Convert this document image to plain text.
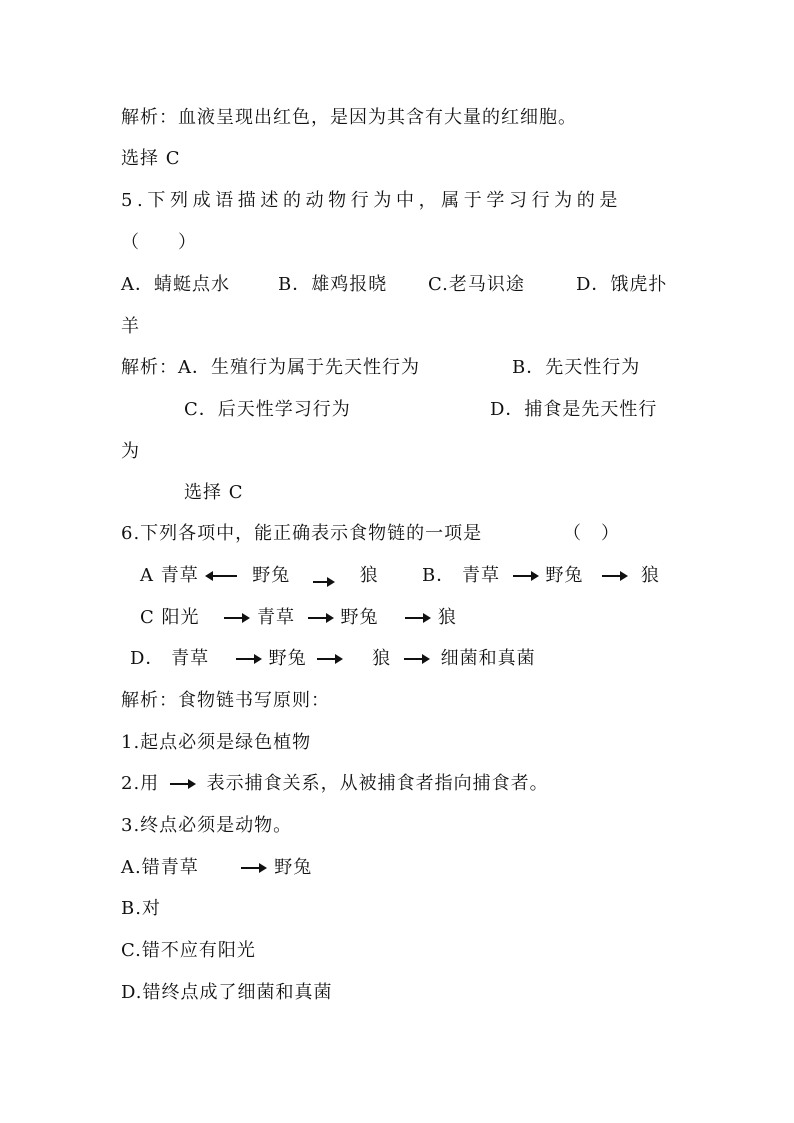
解析：血液呈现出红色，是因为其含有大量的红细胞。
选择 C
5.下列成语描述的动物行为中，属于学习行为的是
（　　）
A．蜻蜓点水	B．雄鸡报晓 C.老马识途	D．饿虎扑
羊
解析：A．生殖行为属于先天性行为	B．先天性行为
C．后天性学习行为	D．捕食是先天性行
为
选择 C
6.下列各项中，能正确表示食物链的一项是	（　）
A 青草	野兔	狼 B． 青草	野兔	狼
C 阳光	青草	野兔	狼
D． 青草	野兔	狼	细菌和真菌
解析：食物链书写原则：
1.起点必须是绿色植物
2.用	表示捕食关系，从被捕食者指向捕食者。
3.终点必须是动物。
A.错青草	野兔
B.对
C.错不应有阳光
D.错终点成了细菌和真菌
